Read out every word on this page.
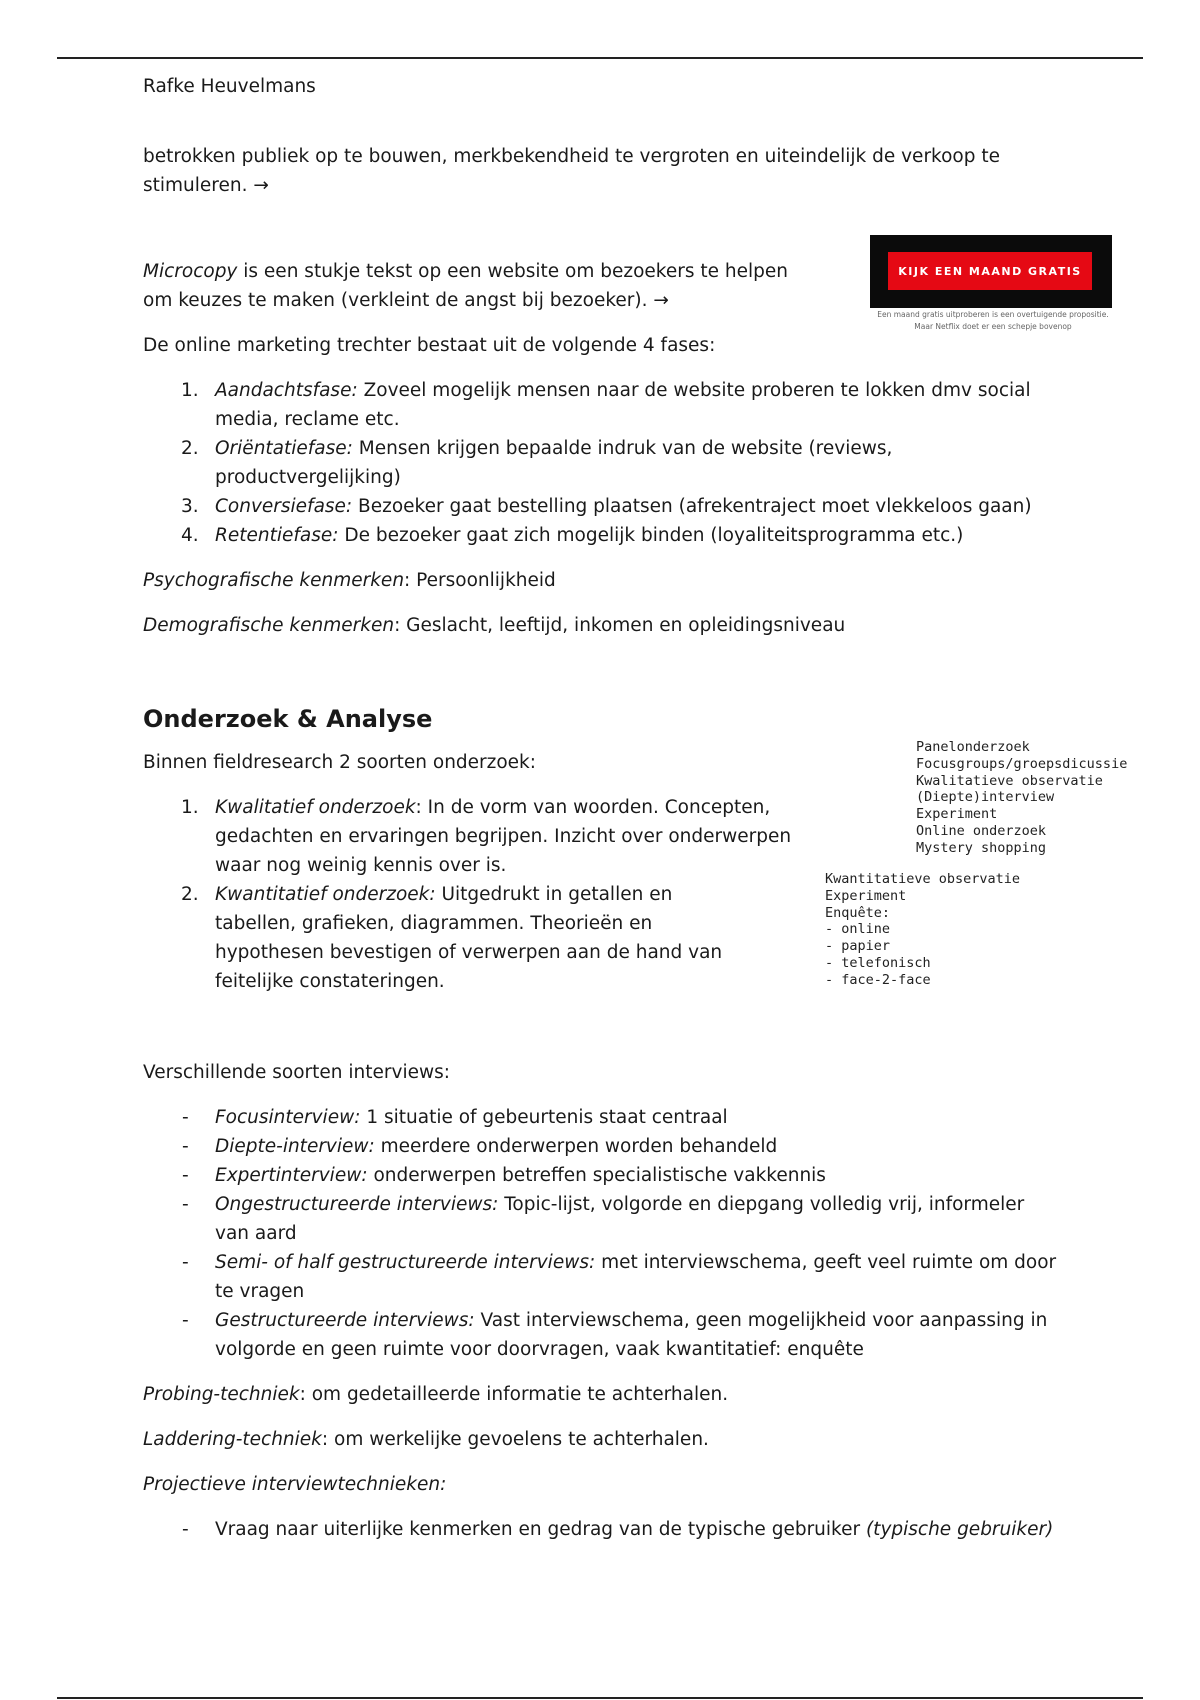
Rafke Heuvelmans

betrokken publiek op te bouwen, merkbekendheid te vergroten en uiteindelijk de verkoop te stimuleren. →

Microcopy is een stukje tekst op een website om bezoekers te helpen om keuzes te maken (verkleint de angst bij bezoeker). →

De online marketing trechter bestaat uit de volgende 4 fases:

1. Aandachtsfase: Zoveel mogelijk mensen naar de website proberen te lokken dmv social media, reclame etc.
2. Oriëntatiefase: Mensen krijgen bepaalde indruk van de website (reviews, productvergelijking)
3. Conversiefase: Bezoeker gaat bestelling plaatsen (afrekentraject moet vlekkeloos gaan)
4. Retentiefase: De bezoeker gaat zich mogelijk binden (loyaliteitsprogramma etc.)

Psychografische kenmerken: Persoonlijkheid

Demografische kenmerken: Geslacht, leeftijd, inkomen en opleidingsniveau

Onderzoek & Analyse

Binnen fieldresearch 2 soorten onderzoek:

1. Kwalitatief onderzoek: In de vorm van woorden. Concepten, gedachten en ervaringen begrijpen. Inzicht over onderwerpen waar nog weinig kennis over is.
2. Kwantitatief onderzoek: Uitgedrukt in getallen en tabellen, grafieken, diagrammen. Theorieën en hypothesen bevestigen of verwerpen aan de hand van feitelijke constateringen.

Verschillende soorten interviews:

- Focusinterview: 1 situatie of gebeurtenis staat centraal
- Diepte-interview: meerdere onderwerpen worden behandeld
- Expertinterview: onderwerpen betreffen specialistische vakkennis
- Ongestructureerde interviews: Topic-lijst, volgorde en diepgang volledig vrij, informeler van aard
- Semi- of half gestructureerde interviews: met interviewschema, geeft veel ruimte om door te vragen
- Gestructureerde interviews: Vast interviewschema, geen mogelijkheid voor aanpassing in volgorde en geen ruimte voor doorvragen, vaak kwantitatief: enquête

Probing-techniek: om gedetailleerde informatie te achterhalen.

Laddering-techniek: om werkelijke gevoelens te achterhalen.

Projectieve interviewtechnieken:

- Vraag naar uiterlijke kenmerken en gedrag van de typische gebruiker (typische gebruiker)
KIJK EEN MAAND GRATIS
Een maand gratis uitproberen is een overtuigende propositie. Maar Netflix doet er een schepje bovenop
Panelonderzoek
Focusgroups/groepsdicussie
Kwalitatieve observatie
(Diepte)interview
Experiment
Online onderzoek
Mystery shopping
Kwantitatieve observatie
Experiment
Enquête:
- online
- papier
- telefonisch
- face-2-face
